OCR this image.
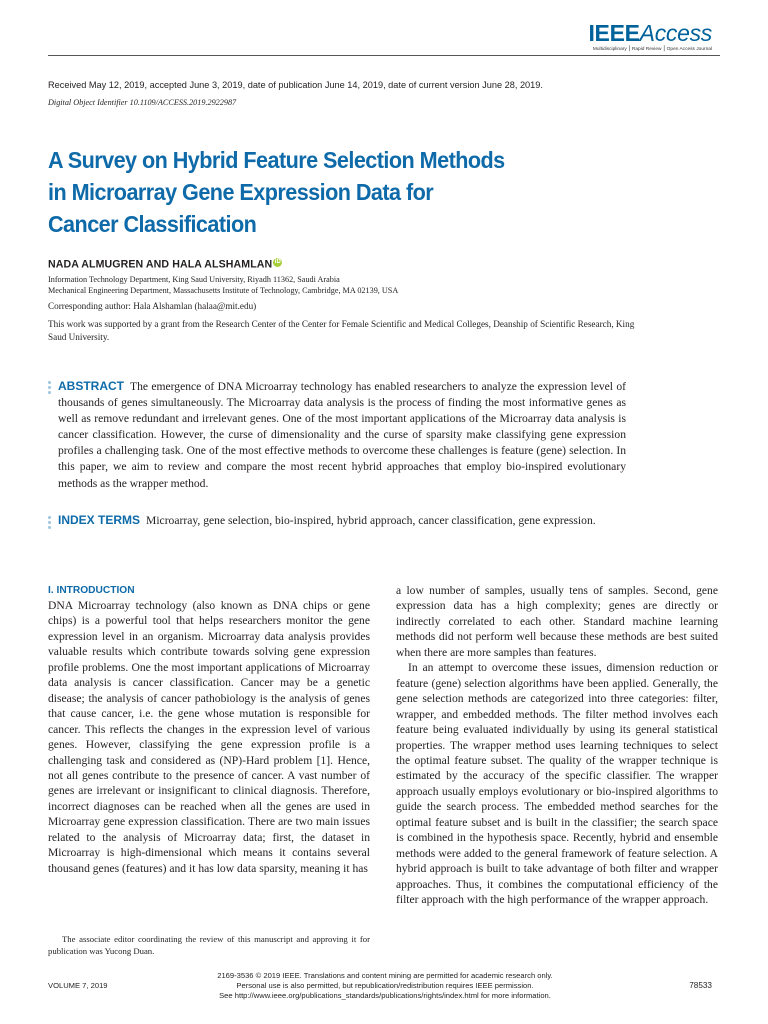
IEEEAccess
Multidisciplinary ⎮ Rapid Review ⎮ Open Access Journal
Received May 12, 2019, accepted June 3, 2019, date of publication June 14, 2019, date of current version June 28, 2019.
Digital Object Identifier 10.1109/ACCESS.2019.2922987
A Survey on Hybrid Feature Selection Methods
in Microarray Gene Expression Data for
Cancer Classification
NADA ALMUGREN AND HALA ALSHAMLAN iD
Information Technology Department, King Saud University, Riyadh 11362, Saudi Arabia
Mechanical Engineering Department, Massachusetts Institute of Technology, Cambridge, MA 02139, USA
Corresponding author: Hala Alshamlan (halaa@mit.edu)
This work was supported by a grant from the Research Center of the Center for Female Scientific and Medical Colleges, Deanship of Scientific Research, King Saud University.
ABSTRACT The emergence of DNA Microarray technology has enabled researchers to analyze the expression level of thousands of genes simultaneously. The Microarray data analysis is the process of finding the most informative genes as well as remove redundant and irrelevant genes. One of the most important applications of the Microarray data analysis is cancer classification. However, the curse of dimensionality and the curse of sparsity make classifying gene expression profiles a challenging task. One of the most effective methods to overcome these challenges is feature (gene) selection. In this paper, we aim to review and compare the most recent hybrid approaches that employ bio-inspired evolutionary methods as the wrapper method.
INDEX TERMS Microarray, gene selection, bio-inspired, hybrid approach, cancer classification, gene expression.
I. INTRODUCTION

DNA Microarray technology (also known as DNA chips or gene chips) is a powerful tool that helps researchers monitor the gene expression level in an organism. Microarray data analysis provides valuable results which contribute towards solving gene expression profile problems. One the most important applications of Microarray data analysis is cancer classification. Cancer may be a genetic disease; the analysis of cancer pathobiology is the analysis of genes that cause cancer, i.e. the gene whose mutation is responsible for cancer. This reflects the changes in the expression level of various genes. However, classifying the gene expression profile is a challenging task and considered as (NP)-Hard problem [1]. Hence, not all genes contribute to the presence of cancer. A vast number of genes are irrelevant or insignificant to clinical diagnosis. Therefore, incorrect diagnoses can be reached when all the genes are used in Microarray gene expression classification. There are two main issues related to the analysis of Microarray data; first, the dataset in Microarray is high-dimensional which means it contains several thousand genes (features) and it has low data sparsity, meaning it has

a low number of samples, usually tens of samples. Second, gene expression data has a high complexity; genes are directly or indirectly correlated to each other. Standard machine learning methods did not perform well because these methods are best suited when there are more samples than features.

In an attempt to overcome these issues, dimension reduction or feature (gene) selection algorithms have been applied. Generally, the gene selection methods are categorized into three categories: filter, wrapper, and embedded methods. The filter method involves each feature being evaluated individually by using its general statistical properties. The wrapper method uses learning techniques to select the optimal feature subset. The quality of the wrapper technique is estimated by the accuracy of the specific classifier. The wrapper approach usually employs evolutionary or bio-inspired algorithms to guide the search process. The embedded method searches for the optimal feature subset and is built in the classifier; the search space is combined in the hypothesis space. Recently, hybrid and ensemble methods were added to the general framework of feature selection. A hybrid approach is built to take advantage of both filter and wrapper approaches. Thus, it combines the computational efficiency of the filter approach with the high performance of the wrapper approach.

The associate editor coordinating the review of this manuscript and approving it for publication was Yucong Duan.

2169-3536 © 2019 IEEE. Translations and content mining are permitted for academic research only.
Personal use is also permitted, but republication/redistribution requires IEEE permission.
See http://www.ieee.org/publications_standards/publications/rights/index.html for more information.
VOLUME 7, 2019	78533
